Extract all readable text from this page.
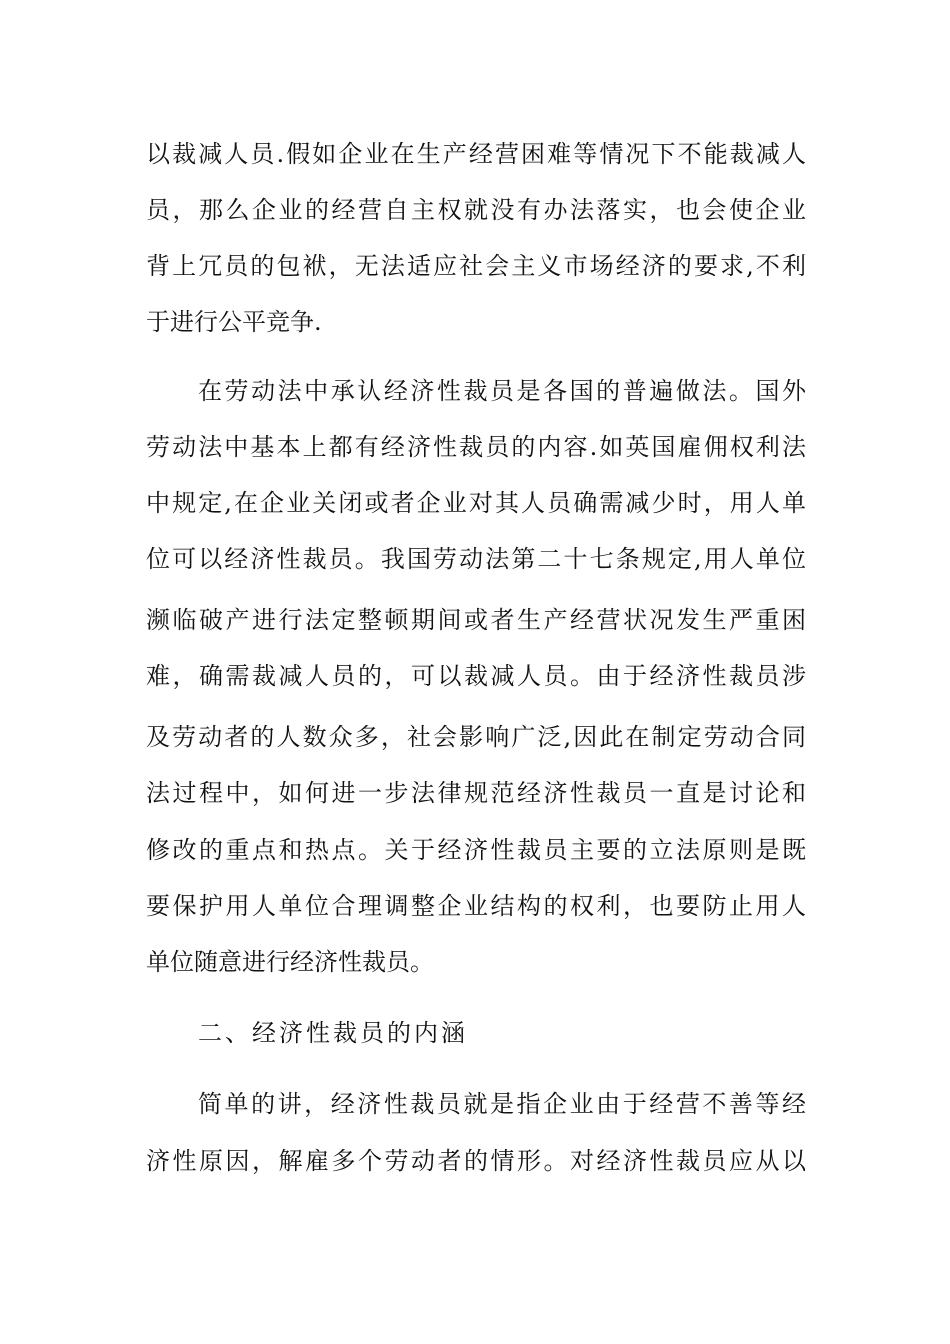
以裁减人员.假如企业在生产经营困难等情况下不能裁减人
员，那么企业的经营自主权就没有办法落实，也会使企业
背上冗员的包袱，无法适应社会主义市场经济的要求,不利
于进行公平竞争.
在劳动法中承认经济性裁员是各国的普遍做法。国外
劳动法中基本上都有经济性裁员的内容.如英国雇佣权利法
中规定,在企业关闭或者企业对其人员确需减少时，用人单
位可以经济性裁员。我国劳动法第二十七条规定,用人单位
濒临破产进行法定整顿期间或者生产经营状况发生严重困
难，确需裁减人员的，可以裁减人员。由于经济性裁员涉
及劳动者的人数众多，社会影响广泛,因此在制定劳动合同
法过程中，如何进一步法律规范经济性裁员一直是讨论和
修改的重点和热点。关于经济性裁员主要的立法原则是既
要保护用人单位合理调整企业结构的权利，也要防止用人
单位随意进行经济性裁员。
二、经济性裁员的内涵
简单的讲，经济性裁员就是指企业由于经营不善等经
济性原因，解雇多个劳动者的情形。对经济性裁员应从以
